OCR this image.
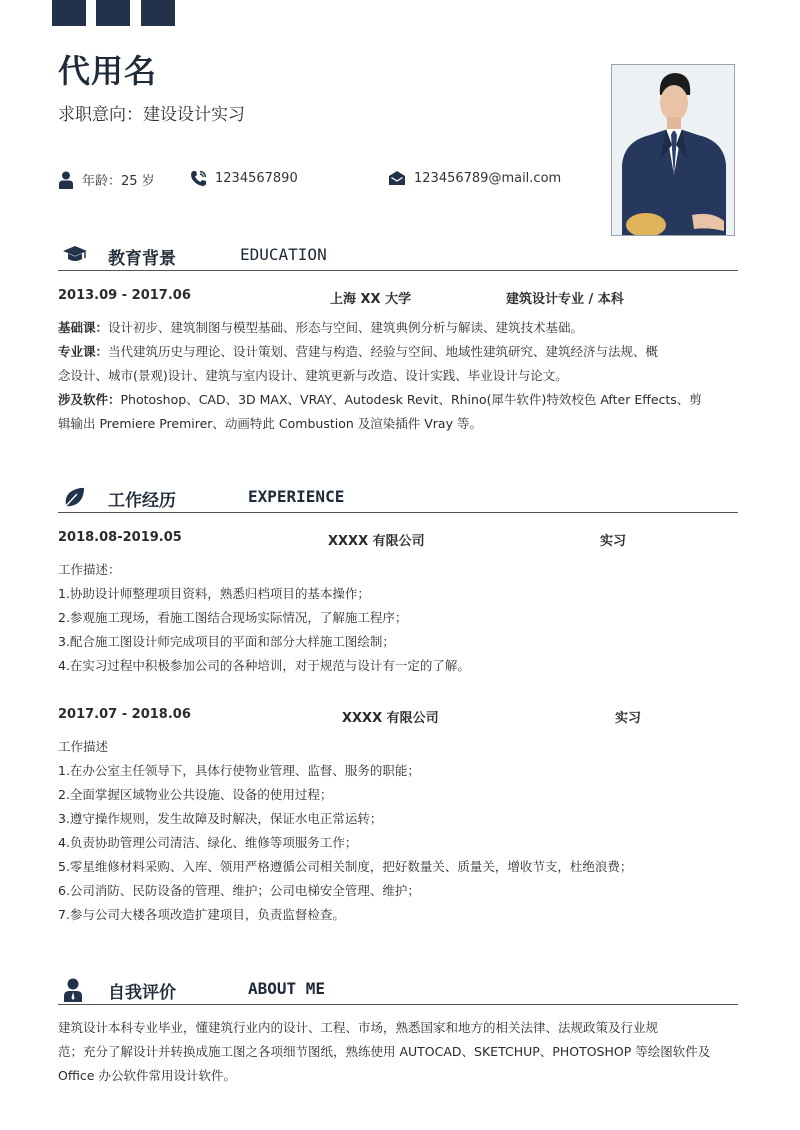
代用名
求职意向：建设设计实习
年龄：25 岁	1234567890	123456789@mail.com
教育背景	EDUCATION
2013.09 - 2017.06	上海 XX 大学	建筑设计专业 / 本科
基础课：设计初步、建筑制图与模型基础、形态与空间、建筑典例分析与解读、建筑技术基础。
专业课：当代建筑历史与理论、设计策划、营建与构造、经验与空间、地域性建筑研究、建筑经济与法规、概
念设计、城市(景观)设计、建筑与室内设计、建筑更新与改造、设计实践、毕业设计与论文。
涉及软件：Photoshop、CAD、3D MAX、VRAY、Autodesk Revit、Rhino(犀牛软件)特效校色 After Effects、剪
辑输出 Premiere Premirer、动画特此 Combustion 及渲染插件 Vray 等。
工作经历	EXPERIENCE
2018.08-2019.05	XXXX 有限公司	实习
工作描述：
1.协助设计师整理项目资料，熟悉归档项目的基本操作；
2.参观施工现场，看施工图结合现场实际情况，了解施工程序；
3.配合施工图设计师完成项目的平面和部分大样施工图绘制；
4.在实习过程中积极参加公司的各种培训，对于规范与设计有一定的了解。
2017.07 - 2018.06	XXXX 有限公司	实习
工作描述
1.在办公室主任领导下，具体行使物业管理、监督、服务的职能；
2.全面掌握区域物业公共设施、设备的使用过程；
3.遵守操作规则，发生故障及时解决，保证水电正常运转；
4.负责协助管理公司清洁、绿化、维修等项服务工作；
5.零星维修材料采购、入库、领用严格遵循公司相关制度，把好数量关、质量关，增收节支，杜绝浪费；
6.公司消防、民防设备的管理、维护；公司电梯安全管理、维护；
7.参与公司大楼各项改造扩建项目，负责监督检查。
自我评价	ABOUT ME
建筑设计本科专业毕业，懂建筑行业内的设计、工程、市场，熟悉国家和地方的相关法律、法规政策及行业规
范；充分了解设计并转换成施工图之各项细节图纸，熟练使用 AUTOCAD、SKETCHUP、PHOTOSHOP 等绘图软件及
Office 办公软件常用设计软件。
